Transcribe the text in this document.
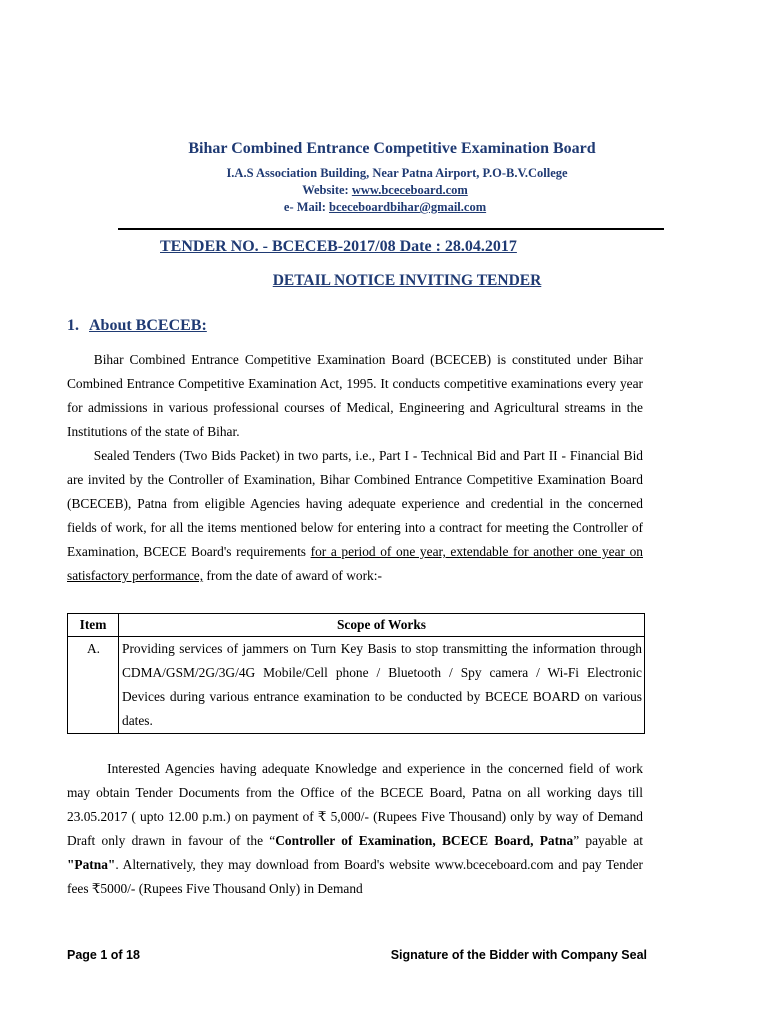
Bihar Combined Entrance Competitive Examination Board
I.A.S Association Building, Near Patna Airport, P.O-B.V.College
Website: www.bceceboard.com
e- Mail: bceceboardbihar@gmail.com
TENDER NO. - BCECEB-2017/08 Date : 28.04.2017
DETAIL NOTICE INVITING TENDER
1. About BCECEB:
  Bihar Combined Entrance Competitive Examination Board (BCECEB) is constituted under Bihar Combined Entrance Competitive Examination Act, 1995. It conducts competitive examinations every year for admissions in various professional courses of Medical, Engineering and Agricultural streams in the Institutions of the state of Bihar.
  Sealed Tenders (Two Bids Packet) in two parts, i.e., Part I - Technical Bid and Part II - Financial Bid are invited by the Controller of Examination, Bihar Combined Entrance Competitive Examination Board (BCECEB), Patna from eligible Agencies having adequate experience and credential in the concerned fields of work, for all the items mentioned below for entering into a contract for meeting the Controller of Examination, BCECE Board's requirements for a period of one year, extendable for another one year on satisfactory performance, from the date of award of work:-
Item	Scope of Works
A.	Providing services of jammers on Turn Key Basis to stop transmitting the information through CDMA/GSM/2G/3G/4G Mobile/Cell phone / Bluetooth / Spy camera / Wi-Fi Electronic Devices during various entrance examination to be conducted by BCECE BOARD on various dates.
   Interested Agencies having adequate Knowledge and experience in the concerned field of work may obtain Tender Documents from the Office of the BCECE Board, Patna on all working days till 23.05.2017 ( upto 12.00 p.m.) on payment of ₹ 5,000/- (Rupees Five Thousand) only by way of Demand Draft only drawn in favour of the “Controller of Examination, BCECE Board, Patna” payable at "Patna". Alternatively, they may download from Board's website www.bceceboard.com and pay Tender fees ₹5000/- (Rupees Five Thousand Only) in Demand
Page 1 of 18	Signature of the Bidder with Company Seal
